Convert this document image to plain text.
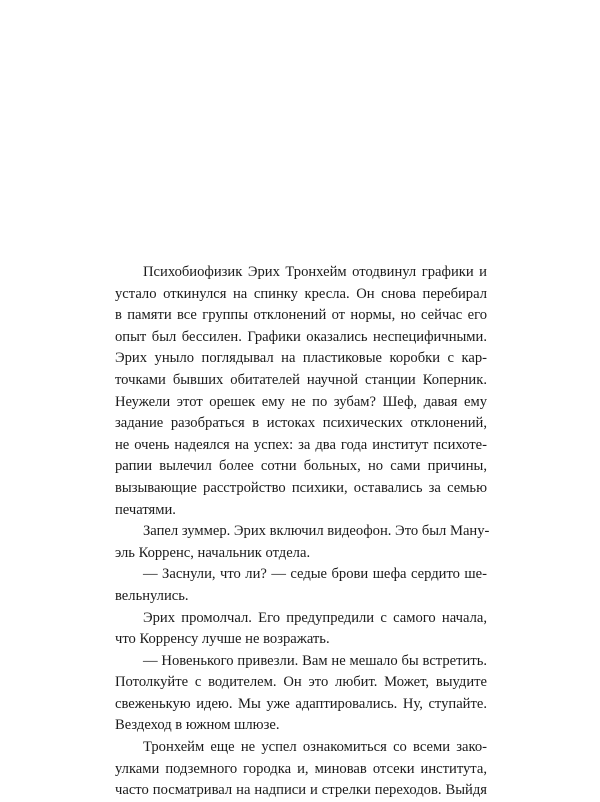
Психобиофизик Эрих Тронхейм отодвинул графики и
устало откинулся на спинку кресла. Он снова перебирал
в памяти все группы отклонений от нормы, но сейчас его
опыт был бессилен. Графики оказались неспецифичными.
Эрих уныло поглядывал на пластиковые коробки с кар-
точками бывших обитателей научной станции Коперник.
Неужели этот орешек ему не по зубам? Шеф, давая ему
задание разобраться в истоках психических отклонений,
не очень надеялся на успех: за два года институт психоте-
рапии вылечил более сотни больных, но сами причины,
вызывающие расстройство психики, оставались за семью
печатями.
Запел зуммер. Эрих включил видеофон. Это был Ману-
эль Корренс, начальник отдела.
— Заснули, что ли? — седые брови шефа сердито ше-
вельнулись.
Эрих промолчал. Его предупредили с самого начала,
что Корренсу лучше не возражать.
— Новенького привезли. Вам не мешало бы встретить.
Потолкуйте с водителем. Он это любит. Может, выудите
свеженькую идею. Мы уже адаптировались. Ну, ступайте.
Вездеход в южном шлюзе.
Тронхейм еще не успел ознакомиться со всеми зако-
улками подземного городка и, миновав отсеки института,
часто посматривал на надписи и стрелки переходов. Выйдя
